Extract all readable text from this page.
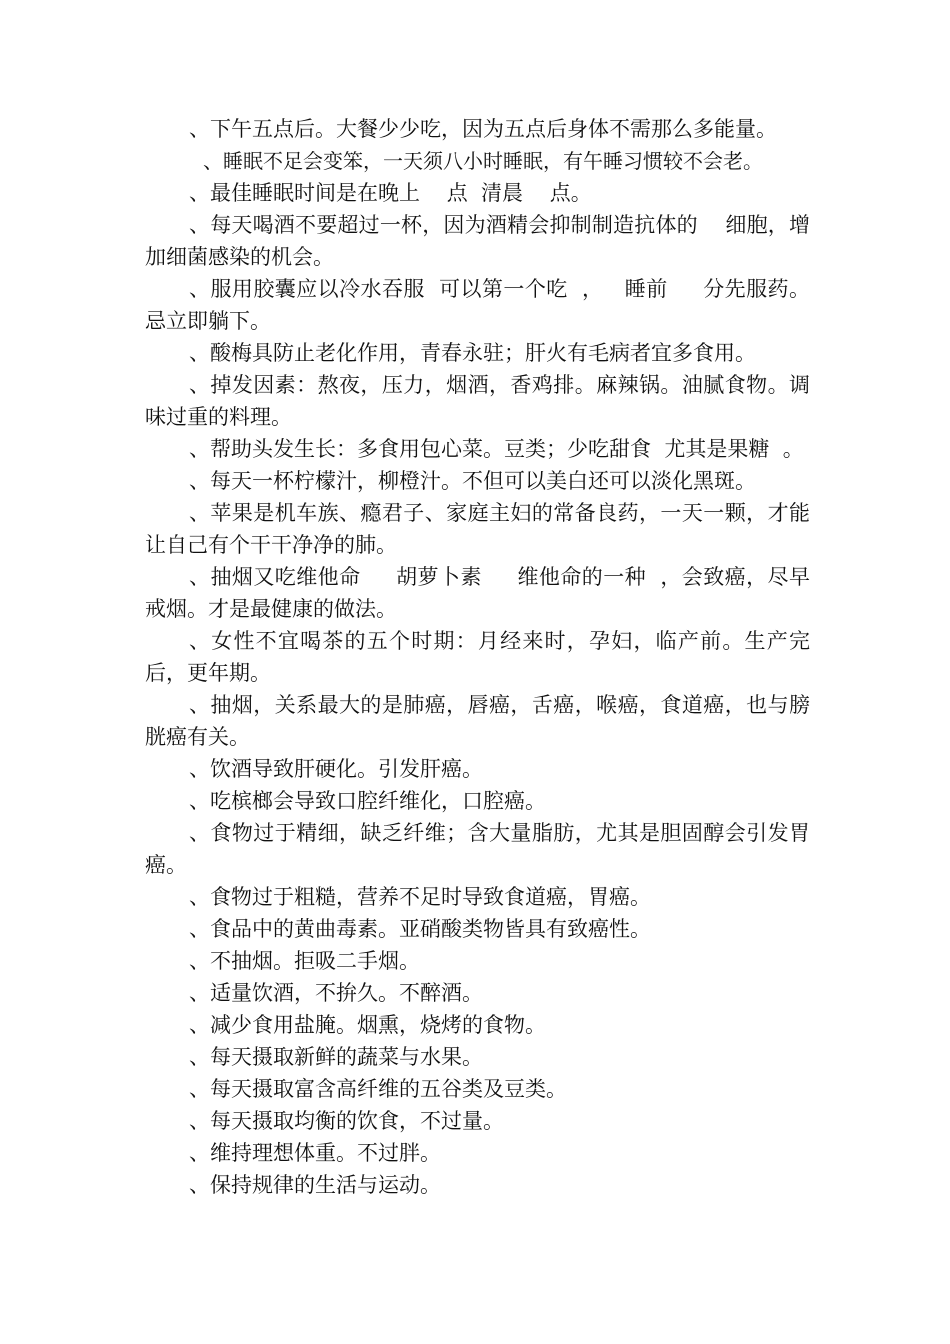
、下午五点后。大餐少少吃，因为五点后身体不需那么多能量。

、睡眠不足会变笨，一天须八小时睡眠，有午睡习惯较不会老。

、最佳睡眠时间是在晚上    点  清晨    点。

、每天喝酒不要超过一杯，因为酒精会抑制制造抗体的    细胞，增加细菌感染的机会。

、服用胶囊应以冷水吞服  可以第一个吃  ，   睡前     分先服药。忌立即躺下。

、酸梅具防止老化作用，青春永驻；肝火有毛病者宜多食用。

、掉发因素：熬夜，压力，烟酒，香鸡排。麻辣锅。油腻食物。调味过重的料理。

、帮助头发生长：多食用包心菜。豆类；少吃甜食  尤其是果糖  。

、每天一杯柠檬汁，柳橙汁。不但可以美白还可以淡化黑斑。

、苹果是机车族、瘾君子、家庭主妇的常备良药，一天一颗，才能让自己有个干干净净的肺。

、抽烟又吃维他命     胡萝卜素     维他命的一种  ，会致癌，尽早戒烟。才是最健康的做法。

、女性不宜喝茶的五个时期：月经来时，孕妇，临产前。生产完后，更年期。

、抽烟，关系最大的是肺癌，唇癌，舌癌，喉癌，食道癌，也与膀胱癌有关。

、饮酒导致肝硬化。引发肝癌。

、吃槟榔会导致口腔纤维化，口腔癌。

、食物过于精细，缺乏纤维；含大量脂肪，尤其是胆固醇会引发胃癌。

、食物过于粗糙，营养不足时导致食道癌，胃癌。

、食品中的黄曲毒素。亚硝酸类物皆具有致癌性。

、不抽烟。拒吸二手烟。

、适量饮酒，不拚久。不醉酒。

、减少食用盐腌。烟熏，烧烤的食物。

、每天摄取新鲜的蔬菜与水果。

、每天摄取富含高纤维的五谷类及豆类。

、每天摄取均衡的饮食，不过量。

、维持理想体重。不过胖。

、保持规律的生活与运动。
